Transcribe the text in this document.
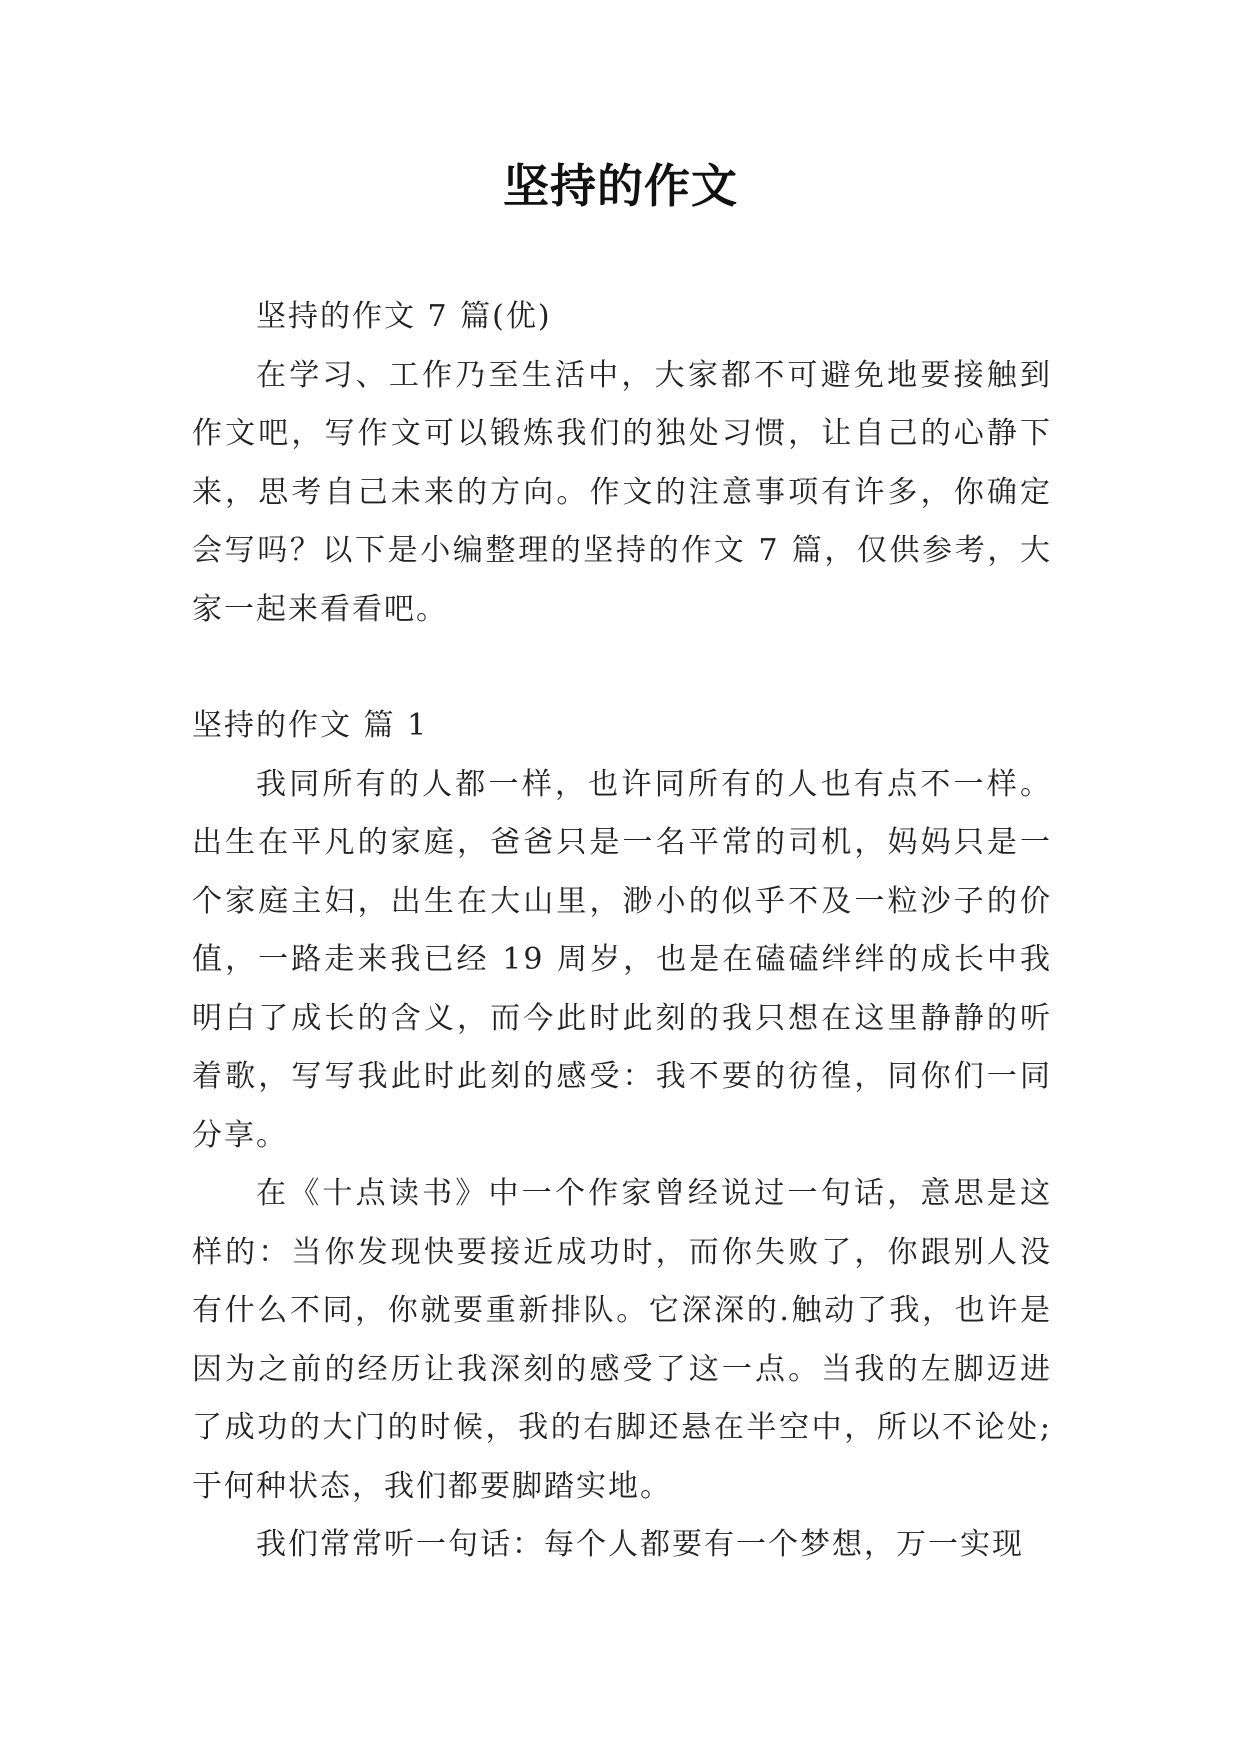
坚持的作文

坚持的作文 7 篇(优)

在学习、工作乃至生活中，大家都不可避免地要接触到作文吧，写作文可以锻炼我们的独处习惯，让自己的心静下来，思考自己未来的方向。作文的注意事项有许多，你确定会写吗？以下是小编整理的坚持的作文 7 篇，仅供参考，大家一起来看看吧。

坚持的作文 篇 1

我同所有的人都一样，也许同所有的人也有点不一样。出生在平凡的家庭，爸爸只是一名平常的司机，妈妈只是一个家庭主妇，出生在大山里，渺小的似乎不及一粒沙子的价值，一路走来我已经 19 周岁，也是在磕磕绊绊的成长中我明白了成长的含义，而今此时此刻的我只想在这里静静的听着歌，写写我此时此刻的感受：我不要的彷徨，同你们一同分享。

在《十点读书》中一个作家曾经说过一句话，意思是这样的：当你发现快要接近成功时，而你失败了，你跟别人没有什么不同，你就要重新排队。它深深的.触动了我，也许是因为之前的经历让我深刻的感受了这一点。当我的左脚迈进了成功的大门的时候，我的右脚还悬在半空中，所以不论处;于何种状态，我们都要脚踏实地。

我们常常听一句话：每个人都要有一个梦想，万一实现
